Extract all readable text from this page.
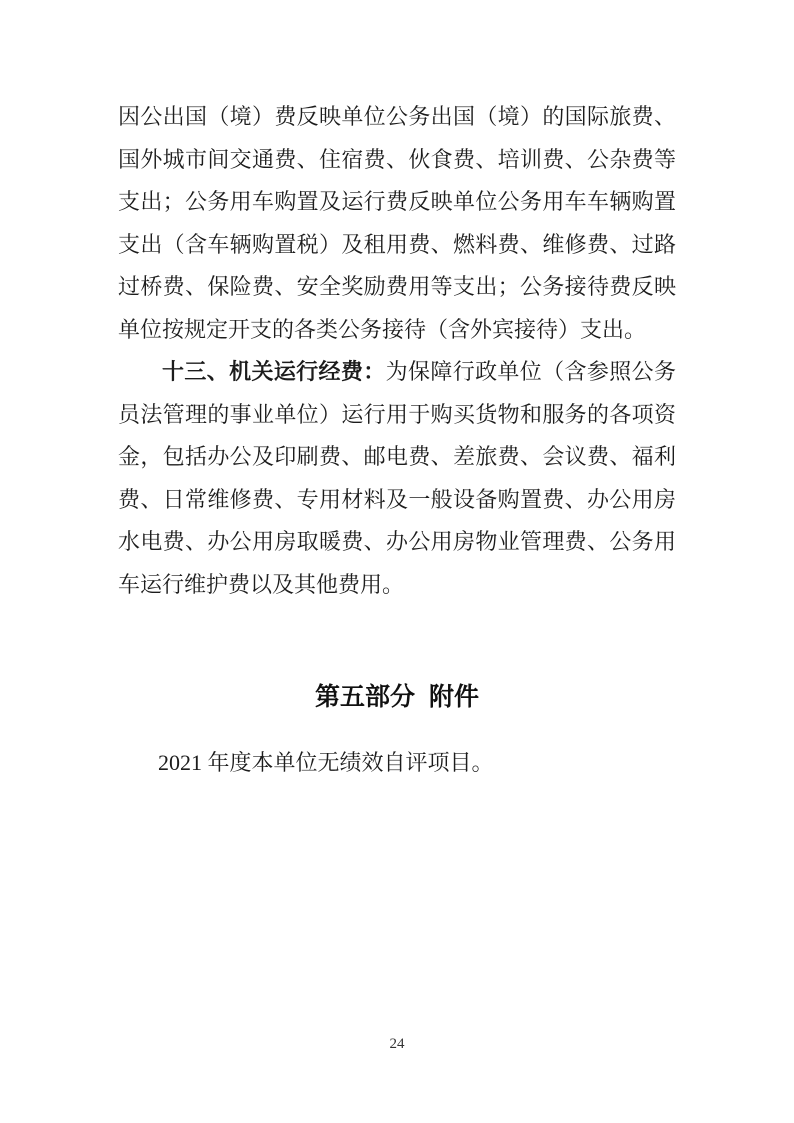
因公出国（境）费反映单位公务出国（境）的国际旅费、
国外城市间交通费、住宿费、伙食费、培训费、公杂费等
支出；公务用车购置及运行费反映单位公务用车车辆购置
支出（含车辆购置税）及租用费、燃料费、维修费、过路
过桥费、保险费、安全奖励费用等支出；公务接待费反映
单位按规定开支的各类公务接待（含外宾接待）支出。
十三、机关运行经费：为保障行政单位（含参照公务
员法管理的事业单位）运行用于购买货物和服务的各项资
金，包括办公及印刷费、邮电费、差旅费、会议费、福利
费、日常维修费、专用材料及一般设备购置费、办公用房
水电费、办公用房取暖费、办公用房物业管理费、公务用
车运行维护费以及其他费用。
第五部分  附件

2021 年度本单位无绩效自评项目。

24
